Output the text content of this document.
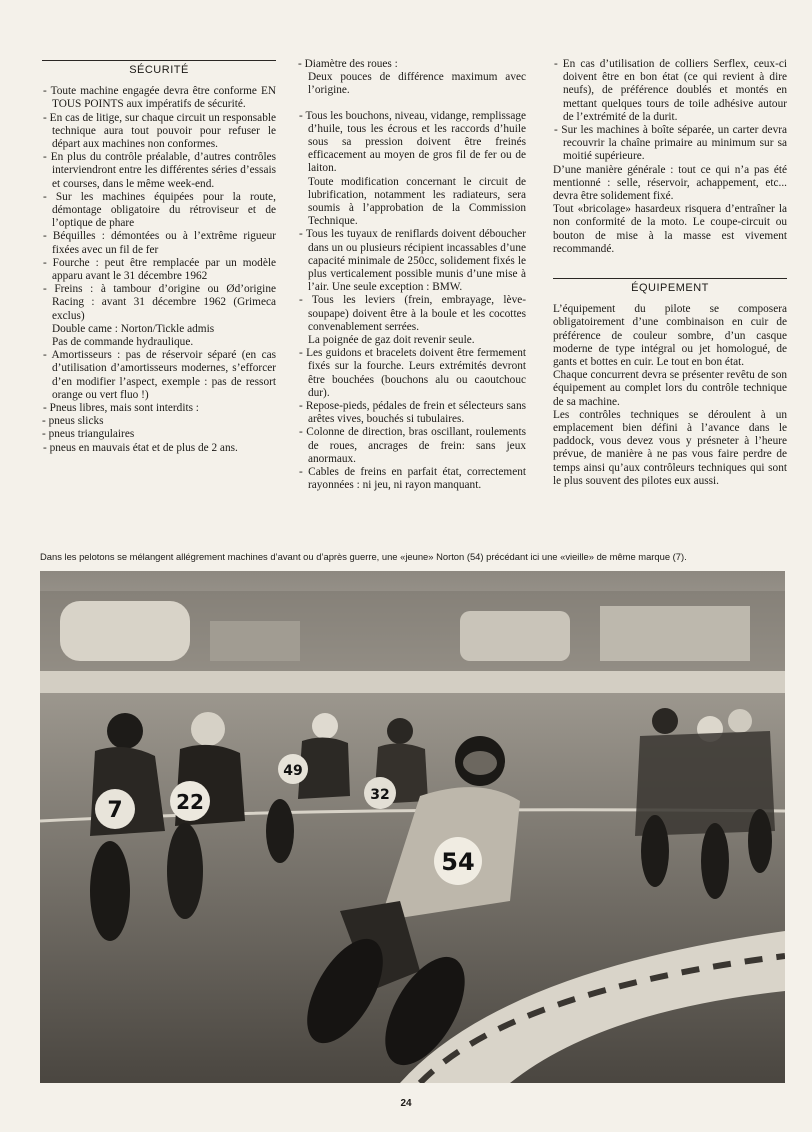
SÉCURITÉ

- Toute machine engagée devra être conforme EN TOUS POINTS aux impératifs de sécurité.

- En cas de litige, sur chaque circuit un responsable technique aura tout pouvoir pour refuser le départ aux machines non conformes.

- En plus du contrôle préalable, d’autres contrôles interviendront entre les différentes séries d’essais et courses, dans le même week-end.

- Sur les machines équipées pour la route, démontage obligatoire du rétroviseur et de l’optique de phare

- Béquilles : démontées ou à l’extrême rigueur fixées avec un fil de fer

- Fourche : peut être remplacée par un modèle apparu avant le 31 décembre 1962

- Freins : à tambour d’origine ou Ød’origine Racing : avant 31 décembre 1962 (Grimeca exclus)

Double came : Norton/Tickle admis

Pas de commande hydraulique.

- Amortisseurs : pas de réservoir séparé (en cas d’utilisation d’amortisseurs modernes, s’efforcer d’en modifier l’aspect, exemple : pas de ressort orange ou vert fluo !)

- Pneus libres, mais sont interdits :

- pneus slicks

- pneus triangulaires

- pneus en mauvais état et de plus de 2 ans.

- Diamètre des roues :

Deux pouces de différence maximum avec l’origine.

- Tous les bouchons, niveau, vidange, remplissage d’huile, tous les écrous et les raccords d’huile sous sa pression doivent être freinés efficacement au moyen de gros fil de fer ou de laiton.

Toute modification concernant le circuit de lubrification, notamment les radiateurs, sera soumis à l’approbation de la Commission Technique.

- Tous les tuyaux de reniflards doivent déboucher dans un ou plusieurs récipient incassables d’une capacité minimale de 250cc, solidement fixés le plus verticalement possible munis d’une mise à l’air. Une seule exception : BMW.

- Tous les leviers (frein, embrayage, lève-soupape) doivent être à la boule et les cocottes convenablement serrées.

La poignée de gaz doit revenir seule.

- Les guidons et bracelets doivent être fermement fixés sur la fourche. Leurs extrémités devront être bouchées (bouchons alu ou caoutchouc dur).

- Repose-pieds, pédales de frein et sélecteurs sans arêtes vives, bouchés si tubulaires.

- Colonne de direction, bras oscillant, roulements de roues, ancrages de frein: sans jeux anormaux.

- Cables de freins en parfait état, correctement rayonnées : ni jeu, ni rayon manquant.

- En cas d’utilisation de colliers Serflex, ceux-ci doivent être en bon état (ce qui revient à dire neufs), de préférence doublés et montés en mettant quelques tours de toile adhésive autour de l’extrémité de la durit.

- Sur les machines à boîte séparée, un carter devra recouvrir la chaîne primaire au minimum sur sa moitié supérieure.

D’une manière générale : tout ce qui n’a pas été mentionné : selle, réservoir, achappement, etc... devra être solidement fixé.

Tout «bricolage» hasardeux risquera d’entraîner la non conformité de la moto. Le coupe-circuit ou bouton de mise à la masse est vivement recommandé.

ÉQUIPEMENT

L’équipement du pilote se composera obligatoirement d’une combinaison en cuir de préférence de couleur sombre, d’un casque moderne de type intégral ou jet homologué, de gants et bottes en cuir. Le tout en bon état.

Chaque concurrent devra se présenter revêtu de son équipement au complet lors du contrôle technique de sa machine.

Les contrôles techniques se déroulent à un emplacement bien défini à l’avance dans le paddock, vous devez vous y présneter à l’heure prévue, de manière à ne pas vous faire perdre de temps ainsi qu’aux contrôleurs techniques qui sont le plus souvent des pilotes eux aussi.

Dans les pelotons se mélangent allégrement machines d’avant ou d’après guerre, une «jeune» Norton (54) précédant ici une «vieille» de même marque (7).
7	22
49
32
54
24
